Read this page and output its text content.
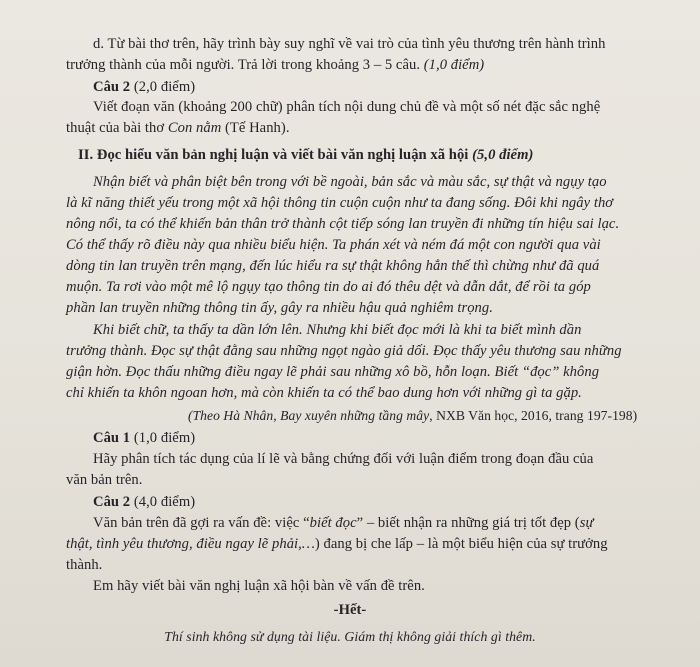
d. Từ bài thơ trên, hãy trình bày suy nghĩ về vai trò của tình yêu thương trên hành trình
trưởng thành của mỗi người. Trả lời trong khoảng 3 – 5 câu. (1,0 điểm)
Câu 2 (2,0 điểm)
Viết đoạn văn (khoảng 200 chữ) phân tích nội dung chủ đề và một số nét đặc sắc nghệ
thuật của bài thơ Con nằm (Tế Hanh).
II. Đọc hiểu văn bản nghị luận và viết bài văn nghị luận xã hội (5,0 điểm)
Nhận biết và phân biệt bên trong với bề ngoài, bản sắc và màu sắc, sự thật và ngụy tạo
là kĩ năng thiết yếu trong một xã hội thông tin cuộn cuộn như ta đang sống. Đôi khi ngây thơ
nông nổi, ta có thể khiến bản thân trở thành cột tiếp sóng lan truyền đi những tín hiệu sai lạc.
Có thể thấy rõ điều này qua nhiều biểu hiện. Ta phán xét và ném đá một con người qua vài
dòng tin lan truyền trên mạng, đến lúc hiểu ra sự thật không hẳn thế thì chừng như đã quá
muộn. Ta rơi vào một mê lộ ngụy tạo thông tin do ai đó thêu dệt và dẫn dắt, để rồi ta góp
phần lan truyền những thông tin ấy, gây ra nhiều hậu quả nghiêm trọng.
Khi biết chữ, ta thấy ta dần lớn lên. Nhưng khi biết đọc mới là khi ta biết mình dần
trưởng thành. Đọc sự thật đằng sau những ngọt ngào giả dối. Đọc thấy yêu thương sau những
giận hờn. Đọc thấu những điều ngay lẽ phải sau những xô bồ, hỗn loạn. Biết “đọc” không
chỉ khiến ta khôn ngoan hơn, mà còn khiến ta có thể bao dung hơn với những gì ta gặp.
(Theo Hà Nhân, Bay xuyên những tầng mây, NXB Văn học, 2016, trang 197-198)
Câu 1 (1,0 điểm)
Hãy phân tích tác dụng của lí lẽ và bằng chứng đối với luận điểm trong đoạn đầu của
văn bản trên.
Câu 2 (4,0 điểm)
Văn bản trên đã gợi ra vấn đề: việc “biết đọc” – biết nhận ra những giá trị tốt đẹp (sự
thật, tình yêu thương, điều ngay lẽ phải,…) đang bị che lấp – là một biểu hiện của sự trưởng
thành.
Em hãy viết bài văn nghị luận xã hội bàn về vấn đề trên.
-Hết-
Thí sinh không sử dụng tài liệu. Giám thị không giải thích gì thêm.
